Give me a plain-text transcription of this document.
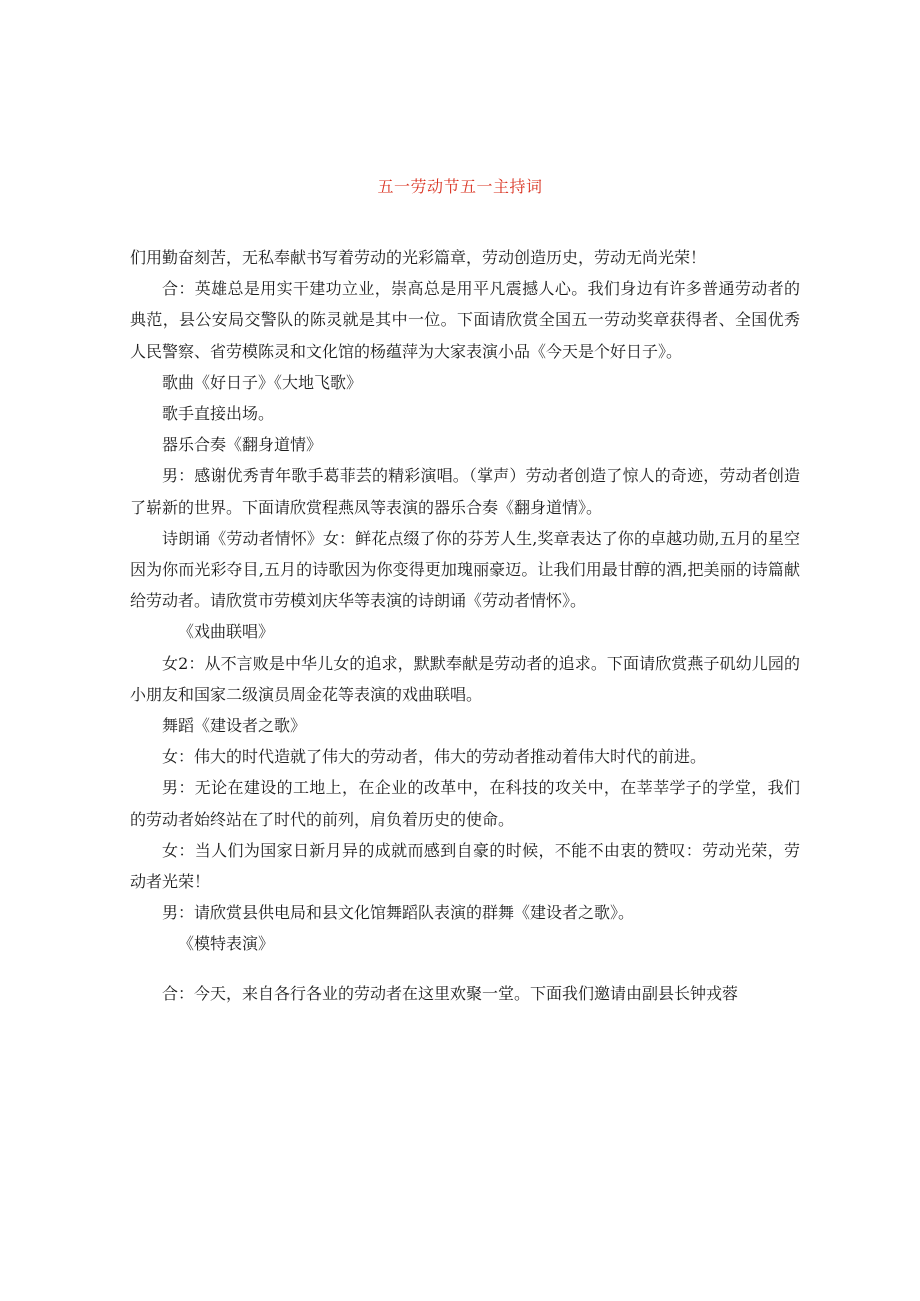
五一劳动节五一主持词

们用勤奋刻苦，无私奉献书写着劳动的光彩篇章，劳动创造历史，劳动无尚光荣！

合：英雄总是用实干建功立业，崇高总是用平凡震撼人心。我们身边有许多普通劳动者的典范，县公安局交警队的陈灵就是其中一位。下面请欣赏全国五一劳动奖章获得者、全国优秀人民警察、省劳模陈灵和文化馆的杨蕴萍为大家表演小品《今天是个好日子》。

歌曲《好日子》《大地飞歌》

歌手直接出场。

器乐合奏《翻身道情》

男：感谢优秀青年歌手葛菲芸的精彩演唱。（掌声）劳动者创造了惊人的奇迹，劳动者创造了崭新的世界。下面请欣赏程燕凤等表演的器乐合奏《翻身道情》。

诗朗诵《劳动者情怀》女：鲜花点缀了你的芬芳人生,奖章表达了你的卓越功勋,五月的星空因为你而光彩夺目,五月的诗歌因为你变得更加瑰丽豪迈。让我们用最甘醇的酒,把美丽的诗篇献给劳动者。请欣赏市劳模刘庆华等表演的诗朗诵《劳动者情怀》。

《戏曲联唱》

女2：从不言败是中华儿女的追求，默默奉献是劳动者的追求。下面请欣赏燕子矶幼儿园的小朋友和国家二级演员周金花等表演的戏曲联唱。

舞蹈《建设者之歌》

女：伟大的时代造就了伟大的劳动者，伟大的劳动者推动着伟大时代的前进。

男：无论在建设的工地上，在企业的改革中，在科技的攻关中，在莘莘学子的学堂，我们的劳动者始终站在了时代的前列，肩负着历史的使命。

女：当人们为国家日新月异的成就而感到自豪的时候，不能不由衷的赞叹：劳动光荣，劳动者光荣！

男：请欣赏县供电局和县文化馆舞蹈队表演的群舞《建设者之歌》。

《模特表演》

合：今天，来自各行各业的劳动者在这里欢聚一堂。下面我们邀请由副县长钟戎蓉
